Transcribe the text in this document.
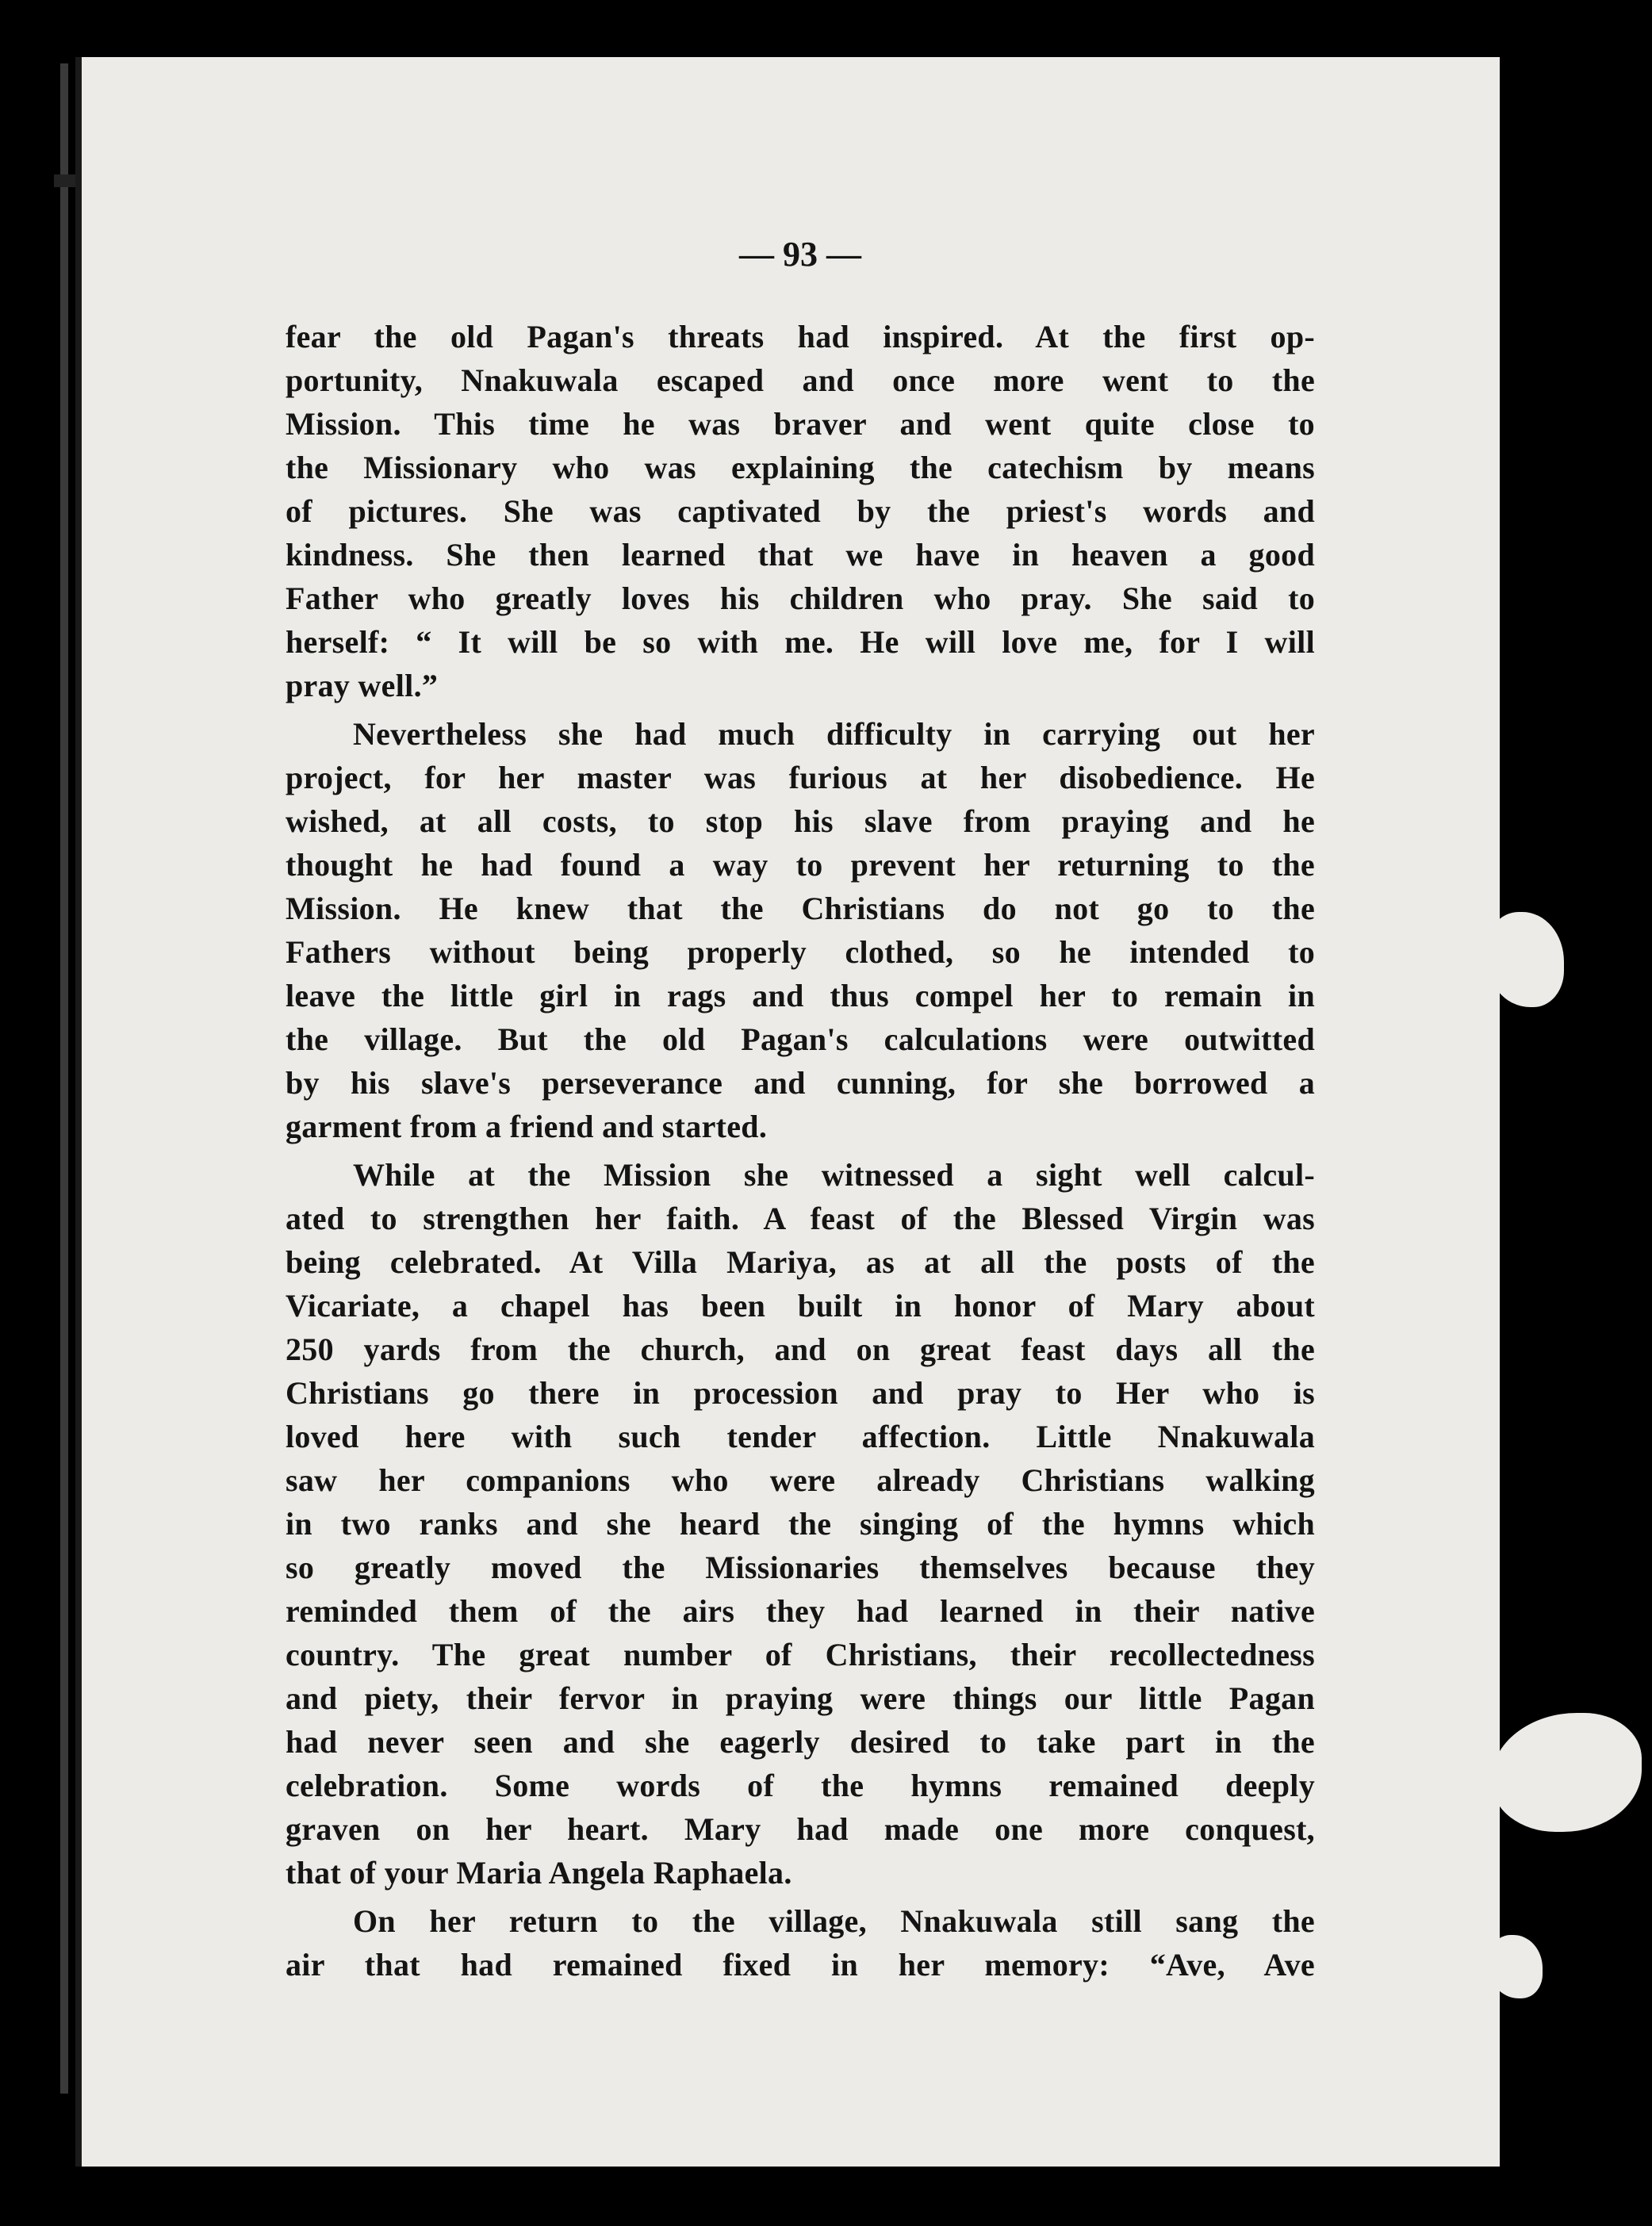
— 93 —
fear the old Pagan's threats had inspired. At the first op-
portunity, Nnakuwala escaped and once more went to the
Mission. This time he was braver and went quite close to
the Missionary who was explaining the catechism by means
of pictures. She was captivated by the priest's words and
kindness. She then learned that we have in heaven a good
Father who greatly loves his children who pray. She said to
herself: “ It will be so with me. He will love me, for I will
pray well.”
Nevertheless she had much difficulty in carrying out her
project, for her master was furious at her disobedience. He
wished, at all costs, to stop his slave from praying and he
thought he had found a way to prevent her returning to the
Mission. He knew that the Christians do not go to the
Fathers without being properly clothed, so he intended to
leave the little girl in rags and thus compel her to remain in
the village. But the old Pagan's calculations were outwitted
by his slave's perseverance and cunning, for she borrowed a
garment from a friend and started.
While at the Mission she witnessed a sight well calcul-
ated to strengthen her faith. A feast of the Blessed Virgin was
being celebrated. At Villa Mariya, as at all the posts of the
Vicariate, a chapel has been built in honor of Mary about
250 yards from the church, and on great feast days all the
Christians go there in procession and pray to Her who is
loved here with such tender affection. Little Nnakuwala
saw her companions who were already Christians walking
in two ranks and she heard the singing of the hymns which
so greatly moved the Missionaries themselves because they
reminded them of the airs they had learned in their native
country. The great number of Christians, their recollectedness
and piety, their fervor in praying were things our little Pagan
had never seen and she eagerly desired to take part in the
celebration. Some words of the hymns remained deeply
graven on her heart. Mary had made one more conquest,
that of your Maria Angela Raphaela.
On her return to the village, Nnakuwala still sang the
air that had remained fixed in her memory: “Ave, Ave
